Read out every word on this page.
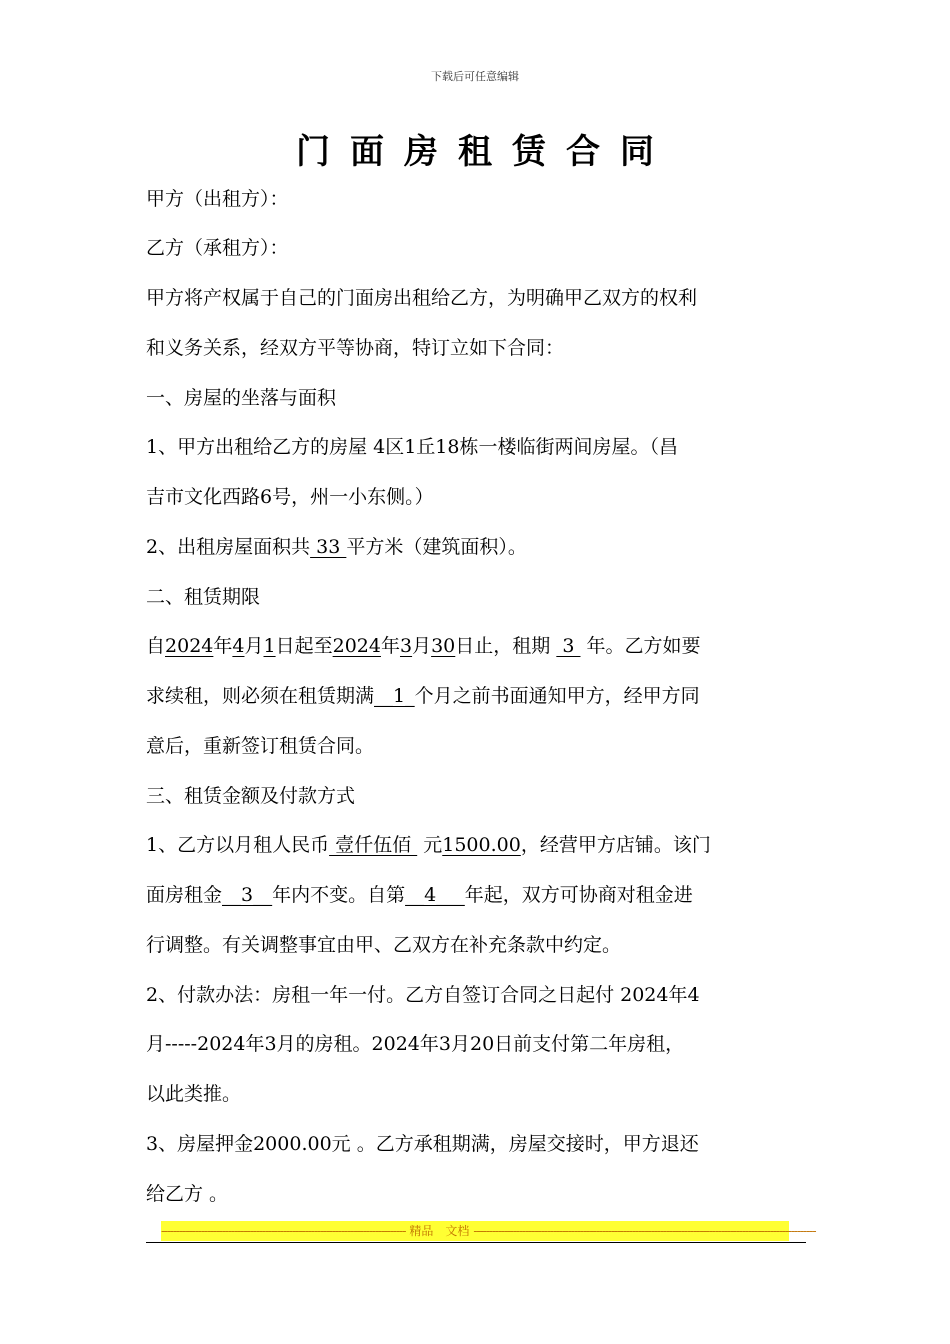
下载后可任意编辑
门面房租赁合同
甲方（出租方）：
乙方（承租方）：
甲方将产权属于自己的门面房出租给乙方，为明确甲乙双方的权利
和义务关系，经双方平等协商，特订立如下合同：
一、房屋的坐落与面积
1、甲方出租给乙方的房屋 4区1丘18栋一楼临街两间房屋。（昌
吉市文化西路6号，州一小东侧。）
2、出租房屋面积共 33 平方米（建筑面积）。
二、租赁期限
自2024年4月1日起至2024年3月30日止，租期  3  年。乙方如要
求续租，则必须在租赁期满__1_个月之前书面通知甲方，经甲方同
意后，重新签订租赁合同。
三、租赁金额及付款方式
1、乙方以月租人民币 壹仟伍佰  元1500.00，经营甲方店铺。该门
面房租金__3__年内不变。自第__4___年起，双方可协商对租金进
行调整。有关调整事宜由甲、乙双方在补充条款中约定。
2、付款办法：房租一年一付。乙方自签订合同之日起付 2024年4
月-----2024年3月的房租。2024年3月20日前支付第二年房租，
以此类推。
3、房屋押金2000.00元 。乙方承租期满，房屋交接时，甲方退还
给乙方 。
-------------------------------------------------------------------------------- 精品　文档 ----------------------------------------------------------------------------------------------------------------
